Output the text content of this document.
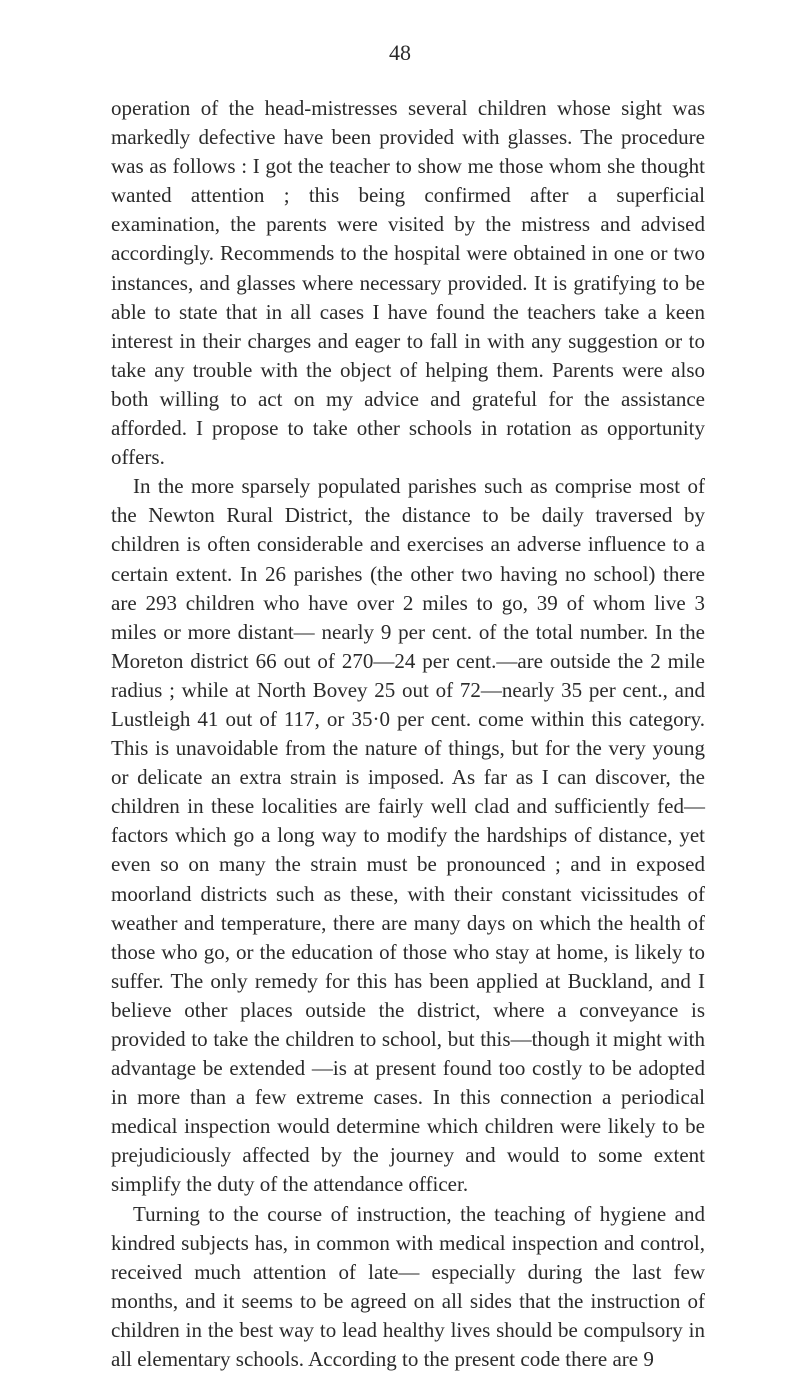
48

operation of the head-mistresses several children whose sight was markedly defective have been provided with glasses. The procedure was as follows : I got the teacher to show me those whom she thought wanted attention ; this being confirmed after a superficial examination, the parents were visited by the mistress and advised accordingly. Recommends to the hospital were obtained in one or two instances, and glasses where necessary provided. It is gratifying to be able to state that in all cases I have found the teachers take a keen interest in their charges and eager to fall in with any suggestion or to take any trouble with the object of helping them. Parents were also both willing to act on my advice and grateful for the assistance afforded. I propose to take other schools in rotation as opportunity offers.

In the more sparsely populated parishes such as comprise most of the Newton Rural District, the distance to be daily traversed by children is often considerable and exercises an adverse influence to a certain extent. In 26 parishes (the other two having no school) there are 293 children who have over 2 miles to go, 39 of whom live 3 miles or more distant— nearly 9 per cent. of the total number. In the Moreton district 66 out of 270—24 per cent.—are outside the 2 mile radius ; while at North Bovey 25 out of 72—nearly 35 per cent., and Lustleigh 41 out of 117, or 35·0 per cent. come within this category. This is unavoidable from the nature of things, but for the very young or delicate an extra strain is imposed. As far as I can discover, the children in these localities are fairly well clad and sufficiently fed—factors which go a long way to modify the hardships of distance, yet even so on many the strain must be pronounced ; and in exposed moorland districts such as these, with their constant vicissitudes of weather and temperature, there are many days on which the health of those who go, or the education of those who stay at home, is likely to suffer. The only remedy for this has been applied at Buckland, and I believe other places outside the district, where a conveyance is provided to take the children to school, but this—though it might with advantage be extended —is at present found too costly to be adopted in more than a few extreme cases. In this connection a periodical medical inspection would determine which children were likely to be prejudiciously affected by the journey and would to some extent simplify the duty of the attendance officer.

Turning to the course of instruction, the teaching of hygiene and kindred subjects has, in common with medical inspection and control, received much attention of late— especially during the last few months, and it seems to be agreed on all sides that the instruction of children in the best way to lead healthy lives should be compulsory in all elementary schools. According to the present code there are 9
